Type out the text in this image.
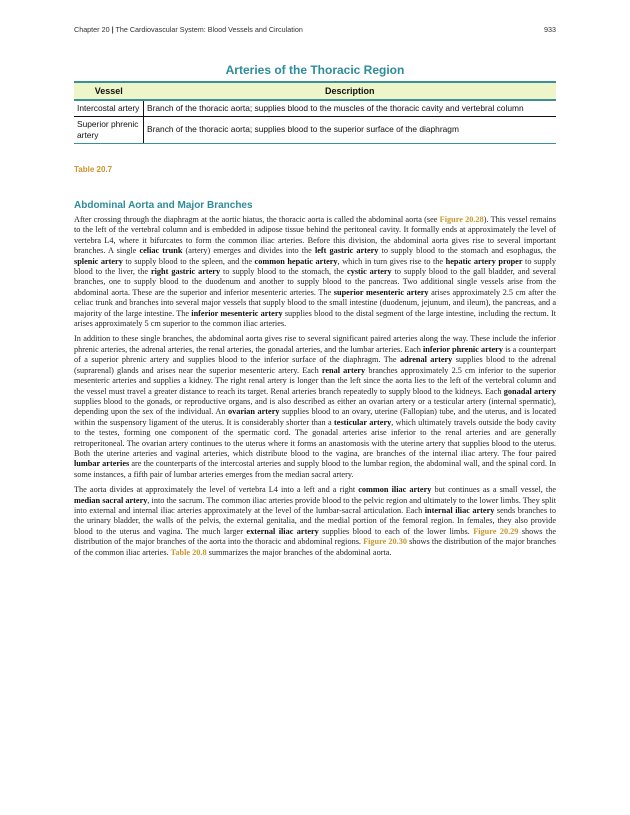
Chapter 20 | The Cardiovascular System: Blood Vessels and Circulation	933
Arteries of the Thoracic Region
Vessel	Description
Intercostal artery	Branch of the thoracic aorta; supplies blood to the muscles of the thoracic cavity and vertebral column
Superior phrenic artery	Branch of the thoracic aorta; supplies blood to the superior surface of the diaphragm
Table 20.7
Abdominal Aorta and Major Branches

After crossing through the diaphragm at the aortic hiatus, the thoracic aorta is called the abdominal aorta (see Figure 20.28). This vessel remains to the left of the vertebral column and is embedded in adipose tissue behind the peritoneal cavity. It formally ends at approximately the level of vertebra L4, where it bifurcates to form the common iliac arteries. Before this division, the abdominal aorta gives rise to several important branches. A single celiac trunk (artery) emerges and divides into the left gastric artery to supply blood to the stomach and esophagus, the splenic artery to supply blood to the spleen, and the common hepatic artery, which in turn gives rise to the hepatic artery proper to supply blood to the liver, the right gastric artery to supply blood to the stomach, the cystic artery to supply blood to the gall bladder, and several branches, one to supply blood to the duodenum and another to supply blood to the pancreas. Two additional single vessels arise from the abdominal aorta. These are the superior and inferior mesenteric arteries. The superior mesenteric artery arises approximately 2.5 cm after the celiac trunk and branches into several major vessels that supply blood to the small intestine (duodenum, jejunum, and ileum), the pancreas, and a majority of the large intestine. The inferior mesenteric artery supplies blood to the distal segment of the large intestine, including the rectum. It arises approximately 5 cm superior to the common iliac arteries.

In addition to these single branches, the abdominal aorta gives rise to several significant paired arteries along the way. These include the inferior phrenic arteries, the adrenal arteries, the renal arteries, the gonadal arteries, and the lumbar arteries. Each inferior phrenic artery is a counterpart of a superior phrenic artery and supplies blood to the inferior surface of the diaphragm. The adrenal artery supplies blood to the adrenal (suprarenal) glands and arises near the superior mesenteric artery. Each renal artery branches approximately 2.5 cm inferior to the superior mesenteric arteries and supplies a kidney. The right renal artery is longer than the left since the aorta lies to the left of the vertebral column and the vessel must travel a greater distance to reach its target. Renal arteries branch repeatedly to supply blood to the kidneys. Each gonadal artery supplies blood to the gonads, or reproductive organs, and is also described as either an ovarian artery or a testicular artery (internal spermatic), depending upon the sex of the individual. An ovarian artery supplies blood to an ovary, uterine (Fallopian) tube, and the uterus, and is located within the suspensory ligament of the uterus. It is considerably shorter than a testicular artery, which ultimately travels outside the body cavity to the testes, forming one component of the spermatic cord. The gonadal arteries arise inferior to the renal arteries and are generally retroperitoneal. The ovarian artery continues to the uterus where it forms an anastomosis with the uterine artery that supplies blood to the uterus. Both the uterine arteries and vaginal arteries, which distribute blood to the vagina, are branches of the internal iliac artery. The four paired lumbar arteries are the counterparts of the intercostal arteries and supply blood to the lumbar region, the abdominal wall, and the spinal cord. In some instances, a fifth pair of lumbar arteries emerges from the median sacral artery.

The aorta divides at approximately the level of vertebra L4 into a left and a right common iliac artery but continues as a small vessel, the median sacral artery, into the sacrum. The common iliac arteries provide blood to the pelvic region and ultimately to the lower limbs. They split into external and internal iliac arteries approximately at the level of the lumbar-sacral articulation. Each internal iliac artery sends branches to the urinary bladder, the walls of the pelvis, the external genitalia, and the medial portion of the femoral region. In females, they also provide blood to the uterus and vagina. The much larger external iliac artery supplies blood to each of the lower limbs. Figure 20.29 shows the distribution of the major branches of the aorta into the thoracic and abdominal regions. Figure 20.30 shows the distribution of the major branches of the common iliac arteries. Table 20.8 summarizes the major branches of the abdominal aorta.
